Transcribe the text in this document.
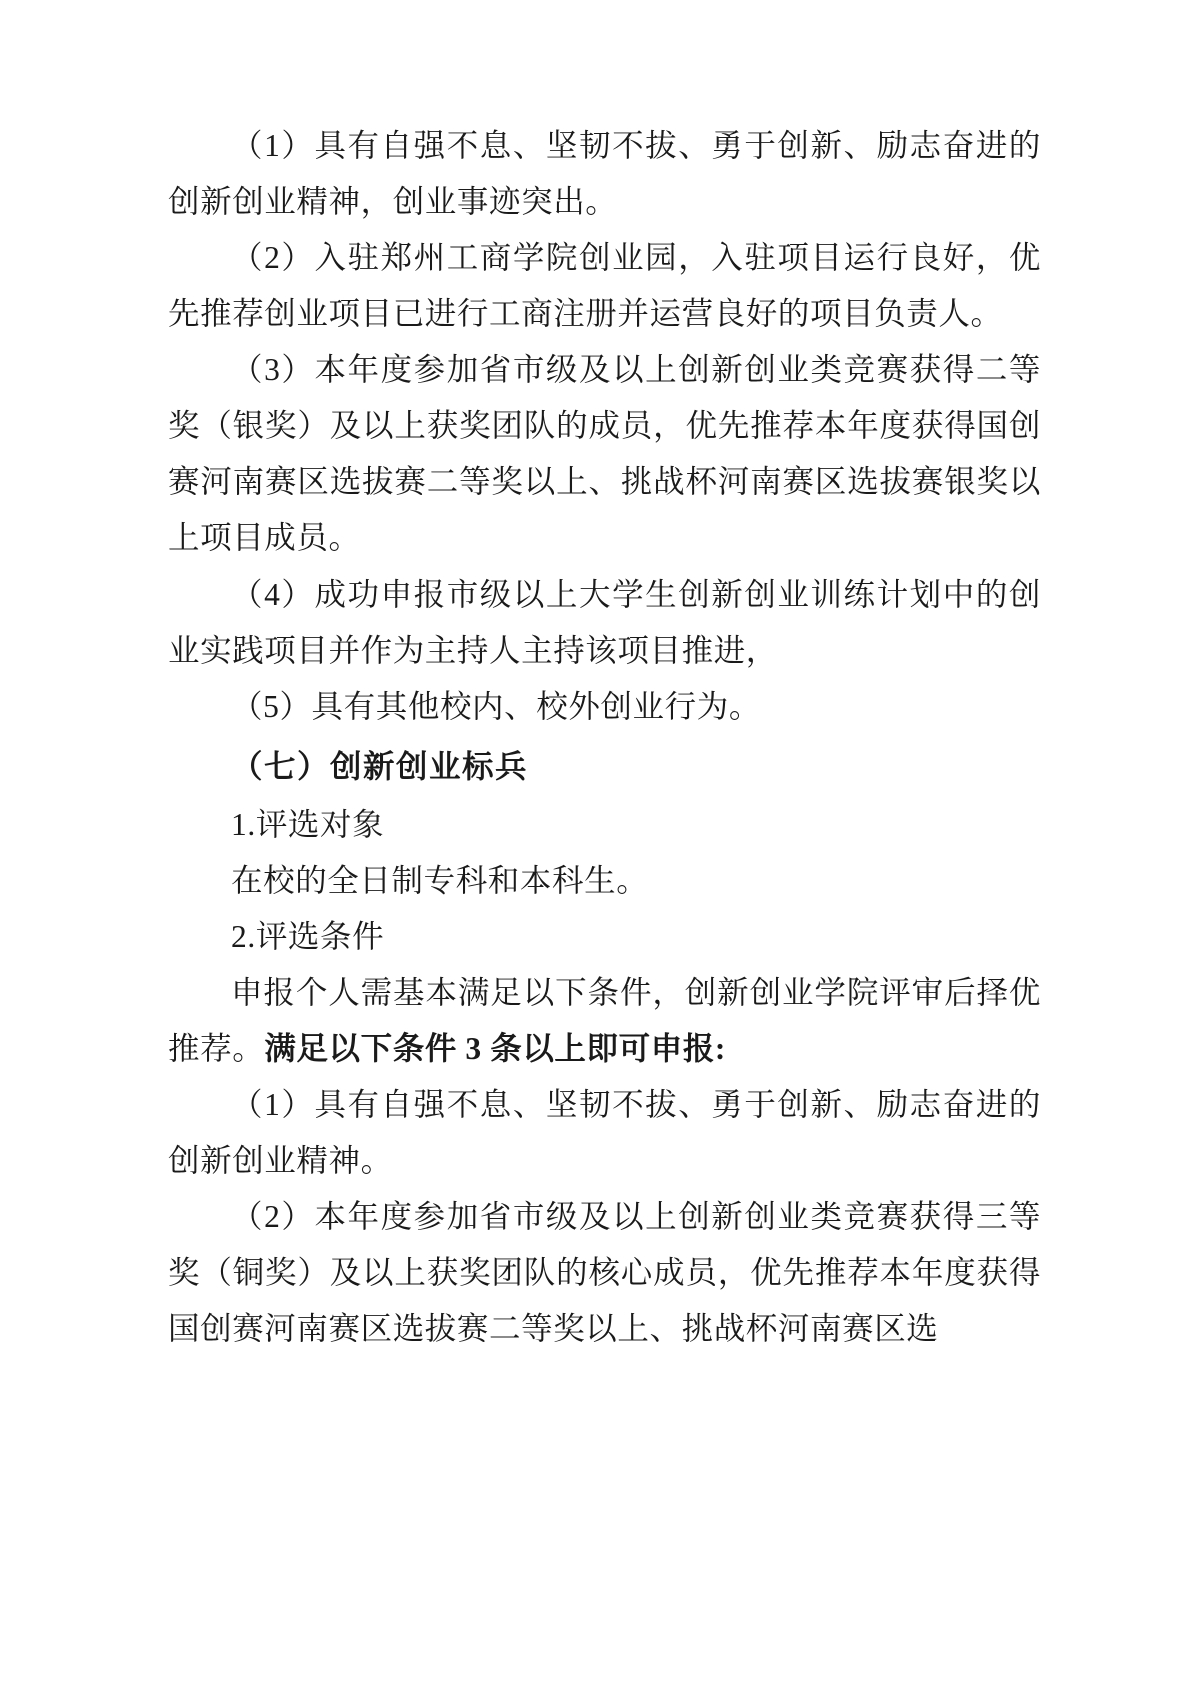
（1）具有自强不息、坚韧不拔、勇于创新、励志奋进的创新创业精神，创业事迹突出。

（2）入驻郑州工商学院创业园，入驻项目运行良好，优先推荐创业项目已进行工商注册并运营良好的项目负责人。

（3）本年度参加省市级及以上创新创业类竞赛获得二等奖（银奖）及以上获奖团队的成员，优先推荐本年度获得国创赛河南赛区选拔赛二等奖以上、挑战杯河南赛区选拔赛银奖以上项目成员。

（4）成功申报市级以上大学生创新创业训练计划中的创业实践项目并作为主持人主持该项目推进，

（5）具有其他校内、校外创业行为。

（七）创新创业标兵

1.评选对象

在校的全日制专科和本科生。

2.评选条件

申报个人需基本满足以下条件，创新创业学院评审后择优推荐。满足以下条件 3 条以上即可申报:

（1）具有自强不息、坚韧不拔、勇于创新、励志奋进的创新创业精神。

（2）本年度参加省市级及以上创新创业类竞赛获得三等奖（铜奖）及以上获奖团队的核心成员，优先推荐本年度获得国创赛河南赛区选拔赛二等奖以上、挑战杯河南赛区选
